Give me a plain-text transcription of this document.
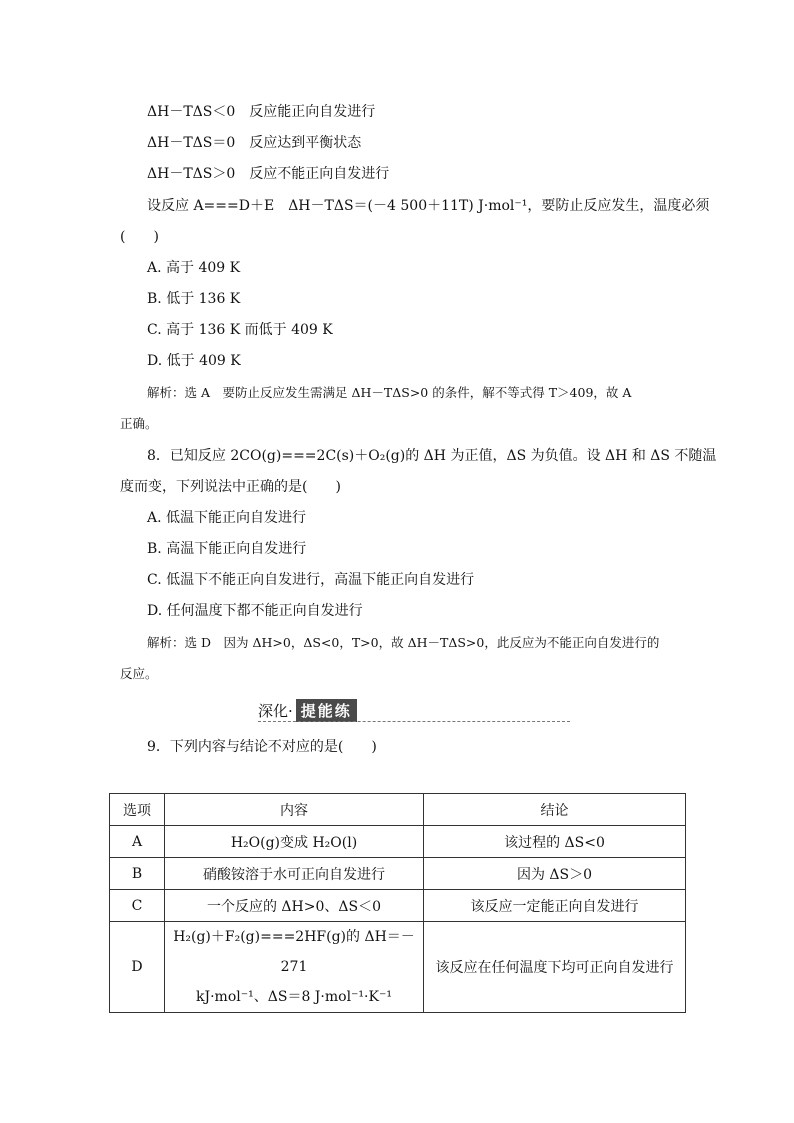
ΔH－TΔS＜0　反应能正向自发进行
ΔH－TΔS＝0　反应达到平衡状态
ΔH－TΔS＞0　反应不能正向自发进行
设反应 A===D＋E　ΔH－TΔS＝(－4 500＋11T) J·mol⁻¹，要防止反应发生，温度必须
(　　)
A. 高于 409 K
B. 低于 136 K
C. 高于 136 K 而低于 409 K
D. 低于 409 K
解析：选 A　要防止反应发生需满足 ΔH－TΔS>0 的条件，解不等式得 T＞409，故 A
正确。
8．已知反应 2CO(g)===2C(s)＋O₂(g)的 ΔH 为正值，ΔS 为负值。设 ΔH 和 ΔS 不随温
度而变，下列说法中正确的是(　　)
A. 低温下能正向自发进行
B. 高温下能正向自发进行
C. 低温下不能正向自发进行，高温下能正向自发进行
D. 任何温度下都不能正向自发进行
解析：选 D　因为 ΔH>0，ΔS<0，T>0，故 ΔH－TΔS>0，此反应为不能正向自发进行的
反应。
深化· 提能练
9．下列内容与结论不对应的是(　　)
选项	内容	结论
A	H₂O(g)变成 H₂O(l)	该过程的 ΔS<0
B	硝酸铵溶于水可正向自发进行	因为 ΔS＞0
C	一个反应的 ΔH>0、ΔS＜0	该反应一定能正向自发进行
D	H₂(g)＋F₂(g)===2HF(g)的 ΔH＝－271
kJ·mol⁻¹、ΔS＝8 J·mol⁻¹·K⁻¹	该反应在任何温度下均可正向自发进行
